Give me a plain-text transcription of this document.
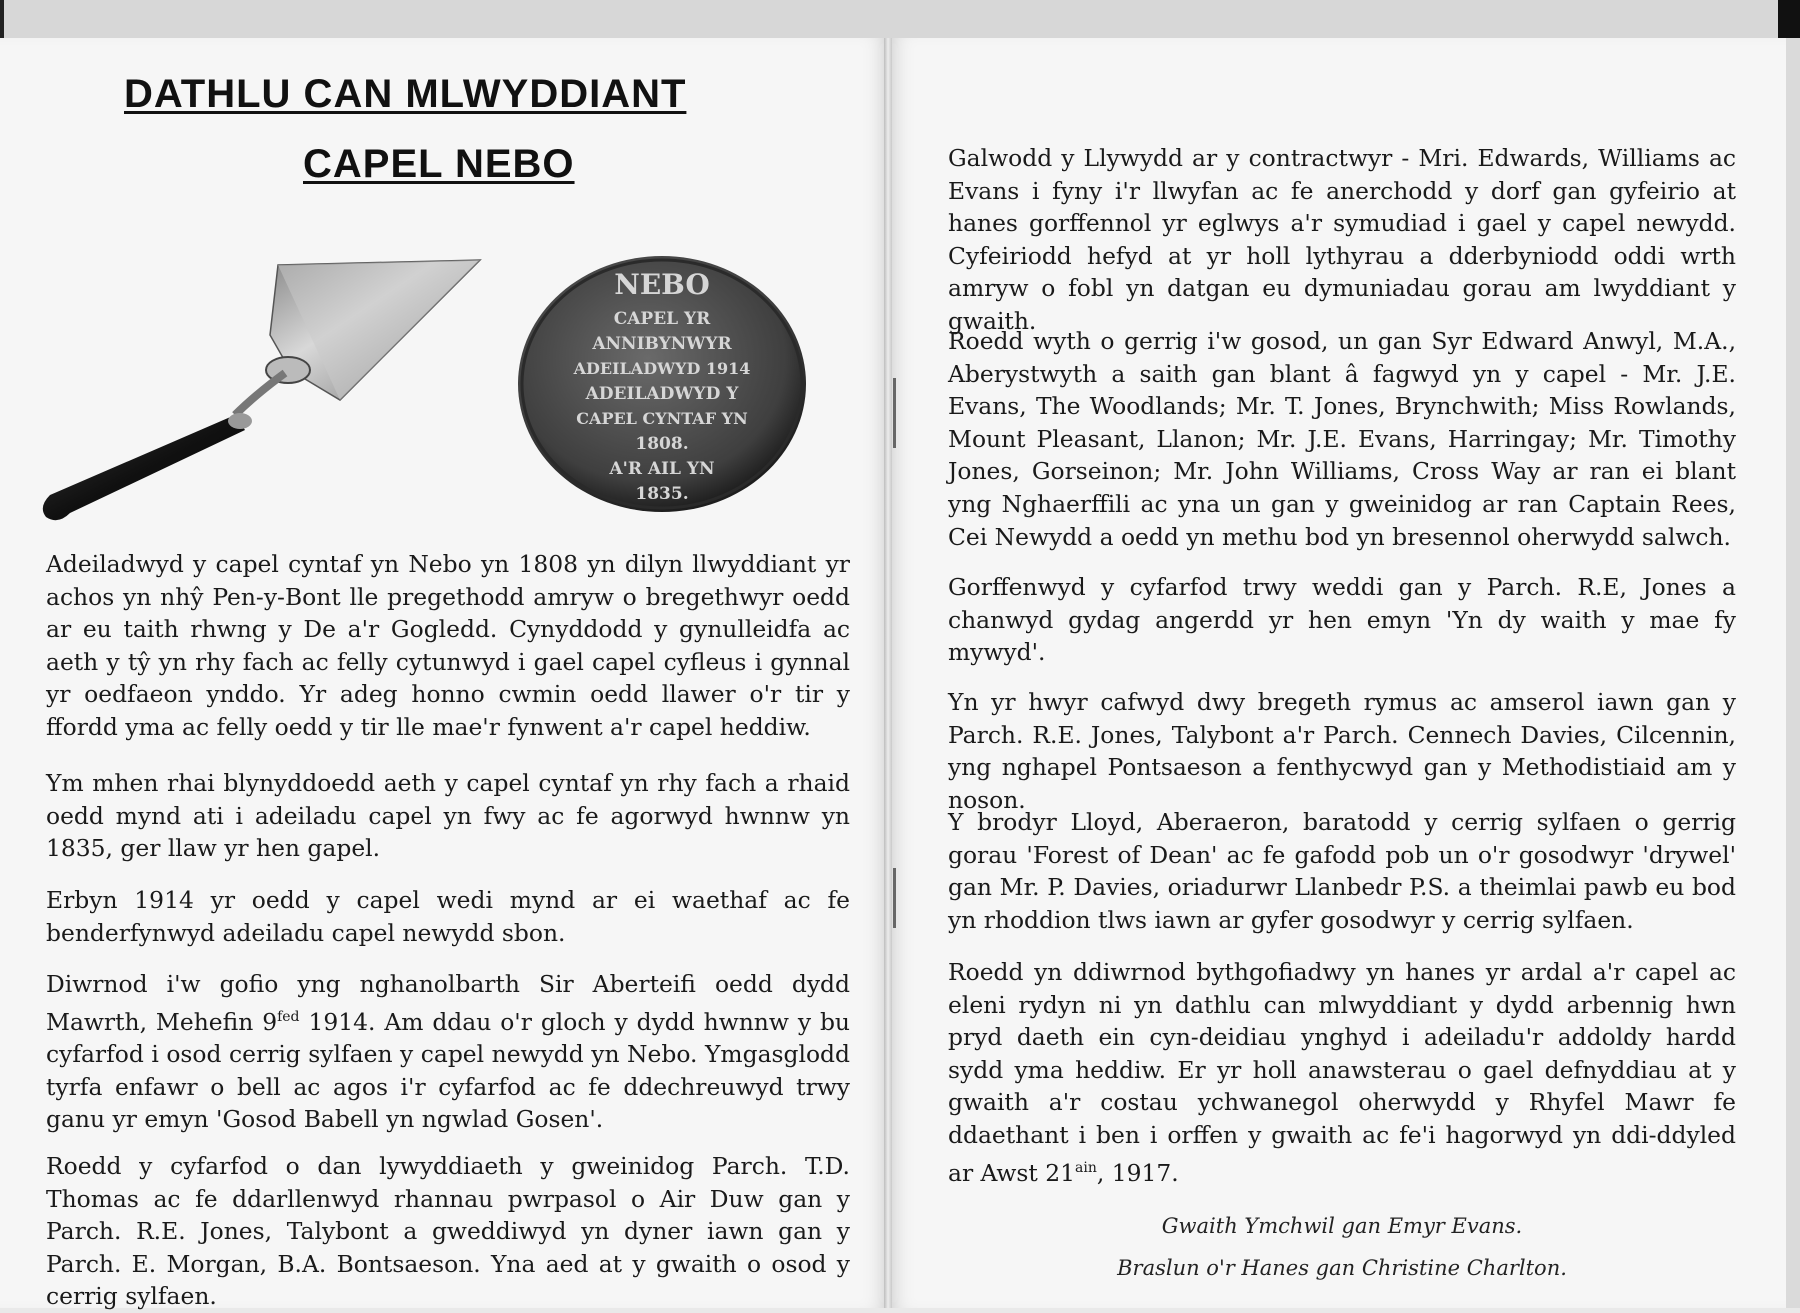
DATHLU CAN MLWYDDIANT
CAPEL NEBO
NEBO
CAPEL YR
ANNIBYNWYR
ADEILADWYD 1914
ADEILADWYD Y
CAPEL CYNTAF YN
1808.
A'R AIL YN
1835.

Adeiladwyd y capel cyntaf yn Nebo yn 1808 yn dilyn llwyddiant yr achos yn nhŷ Pen-y-Bont lle pregethodd amryw o bregethwyr oedd ar eu taith rhwng y De a'r Gogledd. Cynyddodd y gynulleidfa ac aeth y tŷ yn rhy fach ac felly cytunwyd i gael capel cyfleus i gynnal yr oedfaeon ynddo. Yr adeg honno cwmin oedd llawer o'r tir y ffordd yma ac felly oedd y tir lle mae'r fynwent a'r capel heddiw.

Ym mhen rhai blynyddoedd aeth y capel cyntaf yn rhy fach a rhaid oedd mynd ati i adeiladu capel yn fwy ac fe agorwyd hwnnw yn 1835, ger llaw yr hen gapel.

Erbyn 1914 yr oedd y capel wedi mynd ar ei waethaf ac fe benderfynwyd adeiladu capel newydd sbon.

Diwrnod i'w gofio yng nghanolbarth Sir Aberteifi oedd dydd Mawrth, Mehefin $9^{fed}$ 1914. Am ddau o'r gloch y dydd hwnnw y bu cyfarfod i osod cerrig sylfaen y capel newydd yn Nebo. Ymgasglodd tyrfa enfawr o bell ac agos i'r cyfarfod ac fe ddechreuwyd trwy ganu yr emyn 'Gosod Babell yn ngwlad Gosen'.

Roedd y cyfarfod o dan lywyddiaeth y gweinidog Parch. T.D. Thomas ac fe ddarllenwyd rhannau pwrpasol o Air Duw gan y Parch. R.E. Jones, Talybont a gweddiwyd yn dyner iawn gan y Parch. E. Morgan, B.A. Bontsaeson. Yna aed at y gwaith o osod y cerrig sylfaen.

Galwodd y Llywydd ar y contractwyr - Mri. Edwards, Williams ac Evans i fyny i'r llwyfan ac fe anerchodd y dorf gan gyfeirio at hanes gorffennol yr eglwys a'r symudiad i gael y capel newydd. Cyfeiriodd hefyd at yr holl lythyrau a dderbyniodd oddi wrth amryw o fobl yn datgan eu dymuniadau gorau am lwyddiant y gwaith.

Roedd wyth o gerrig i'w gosod, un gan Syr Edward Anwyl, M.A., Aberystwyth a saith gan blant â fagwyd yn y capel - Mr. J.E. Evans, The Woodlands; Mr. T. Jones, Brynchwith; Miss Rowlands, Mount Pleasant, Llanon; Mr. J.E. Evans, Harringay; Mr. Timothy Jones, Gorseinon; Mr. John Williams, Cross Way ar ran ei blant yng Nghaerffili ac yna un gan y gweinidog ar ran Captain Rees, Cei Newydd a oedd yn methu bod yn bresennol oherwydd salwch.

Gorffenwyd y cyfarfod trwy weddi gan y Parch. R.E, Jones a chanwyd gydag angerdd yr hen emyn 'Yn dy waith y mae fy mywyd'.

Yn yr hwyr cafwyd dwy bregeth rymus ac amserol iawn gan y Parch. R.E. Jones, Talybont a'r Parch. Cennech Davies, Cilcennin, yng nghapel Pontsaeson a fenthycwyd gan y Methodistiaid am y noson.

Y brodyr Lloyd, Aberaeron, baratodd y cerrig sylfaen o gerrig gorau 'Forest of Dean' ac fe gafodd pob un o'r gosodwyr 'drywel' gan Mr. P. Davies, oriadurwr Llanbedr P.S. a theimlai pawb eu bod yn rhoddion tlws iawn ar gyfer gosodwyr y cerrig sylfaen.

Roedd yn ddiwrnod bythgofiadwy yn hanes yr ardal a'r capel ac eleni rydyn ni yn dathlu can mlwyddiant y dydd arbennig hwn pryd daeth ein cyn-deidiau ynghyd i adeiladu'r addoldy hardd sydd yma heddiw. Er yr holl anawsterau o gael defnyddiau at y gwaith a'r costau ychwanegol oherwydd y Rhyfel Mawr fe ddaethant i ben i orffen y gwaith ac fe'i hagorwyd yn ddi-ddyled ar Awst $21^{ain}$, 1917.

Gwaith Ymchwil gan Emyr Evans.
Braslun o'r Hanes gan Christine Charlton.
